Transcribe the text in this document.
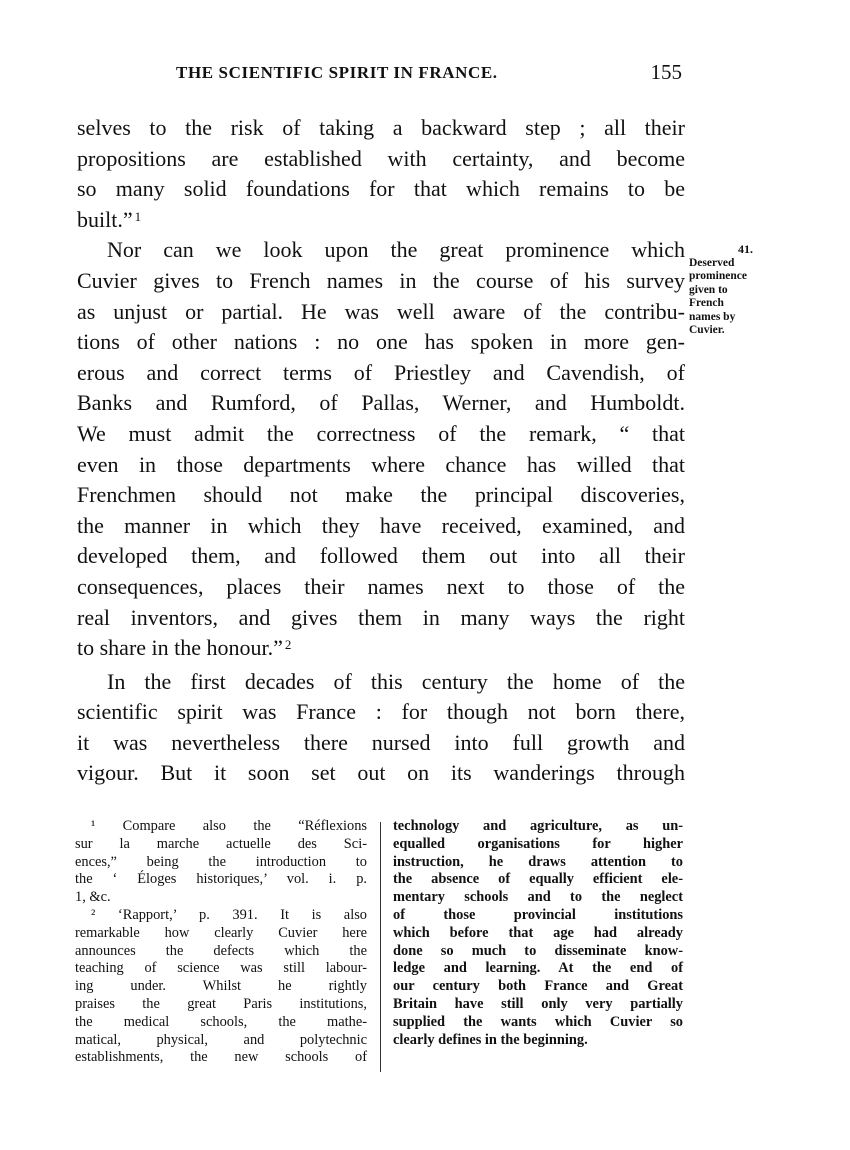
THE SCIENTIFIC SPIRIT IN FRANCE.	155
selves to the risk of taking a backward step ; all their
propositions are established with certainty, and become
so many solid foundations for that which remains to be
built.” $^1$
Nor can we look upon the great prominence which
Cuvier gives to French names in the course of his survey
as unjust or partial. He was well aware of the contribu-
tions of other nations : no one has spoken in more gen-
erous and correct terms of Priestley and Cavendish, of
Banks and Rumford, of Pallas, Werner, and Humboldt.
We must admit the correctness of the remark, “ that
even in those departments where chance has willed that
Frenchmen should not make the principal discoveries,
the manner in which they have received, examined, and
developed them, and followed them out into all their
consequences, places their names next to those of the
real inventors, and gives them in many ways the right
to share in the honour.” $^2$
In the first decades of this century the home of the
scientific spirit was France : for though not born there,
it was nevertheless there nursed into full growth and
vigour. But it soon set out on its wanderings through
41.
Deserved
prominence
given to
French
names by
Cuvier.
¹ Compare also the “Réflexions
sur la marche actuelle des Sci-
ences,” being the introduction to
the ‘ Éloges historiques,’ vol. i. p.
1, &c.
² ‘Rapport,’ p. 391. It is also
remarkable how clearly Cuvier here
announces the defects which the
teaching of science was still labour-
ing under. Whilst he rightly
praises the great Paris institutions,
the medical schools, the mathe-
matical, physical, and polytechnic
establishments, the new schools of
technology and agriculture, as un-
equalled organisations for higher
instruction, he draws attention to
the absence of equally efficient ele-
mentary schools and to the neglect
of those provincial institutions
which before that age had already
done so much to disseminate know-
ledge and learning. At the end of
our century both France and Great
Britain have still only very partially
supplied the wants which Cuvier so
clearly defines in the beginning.
